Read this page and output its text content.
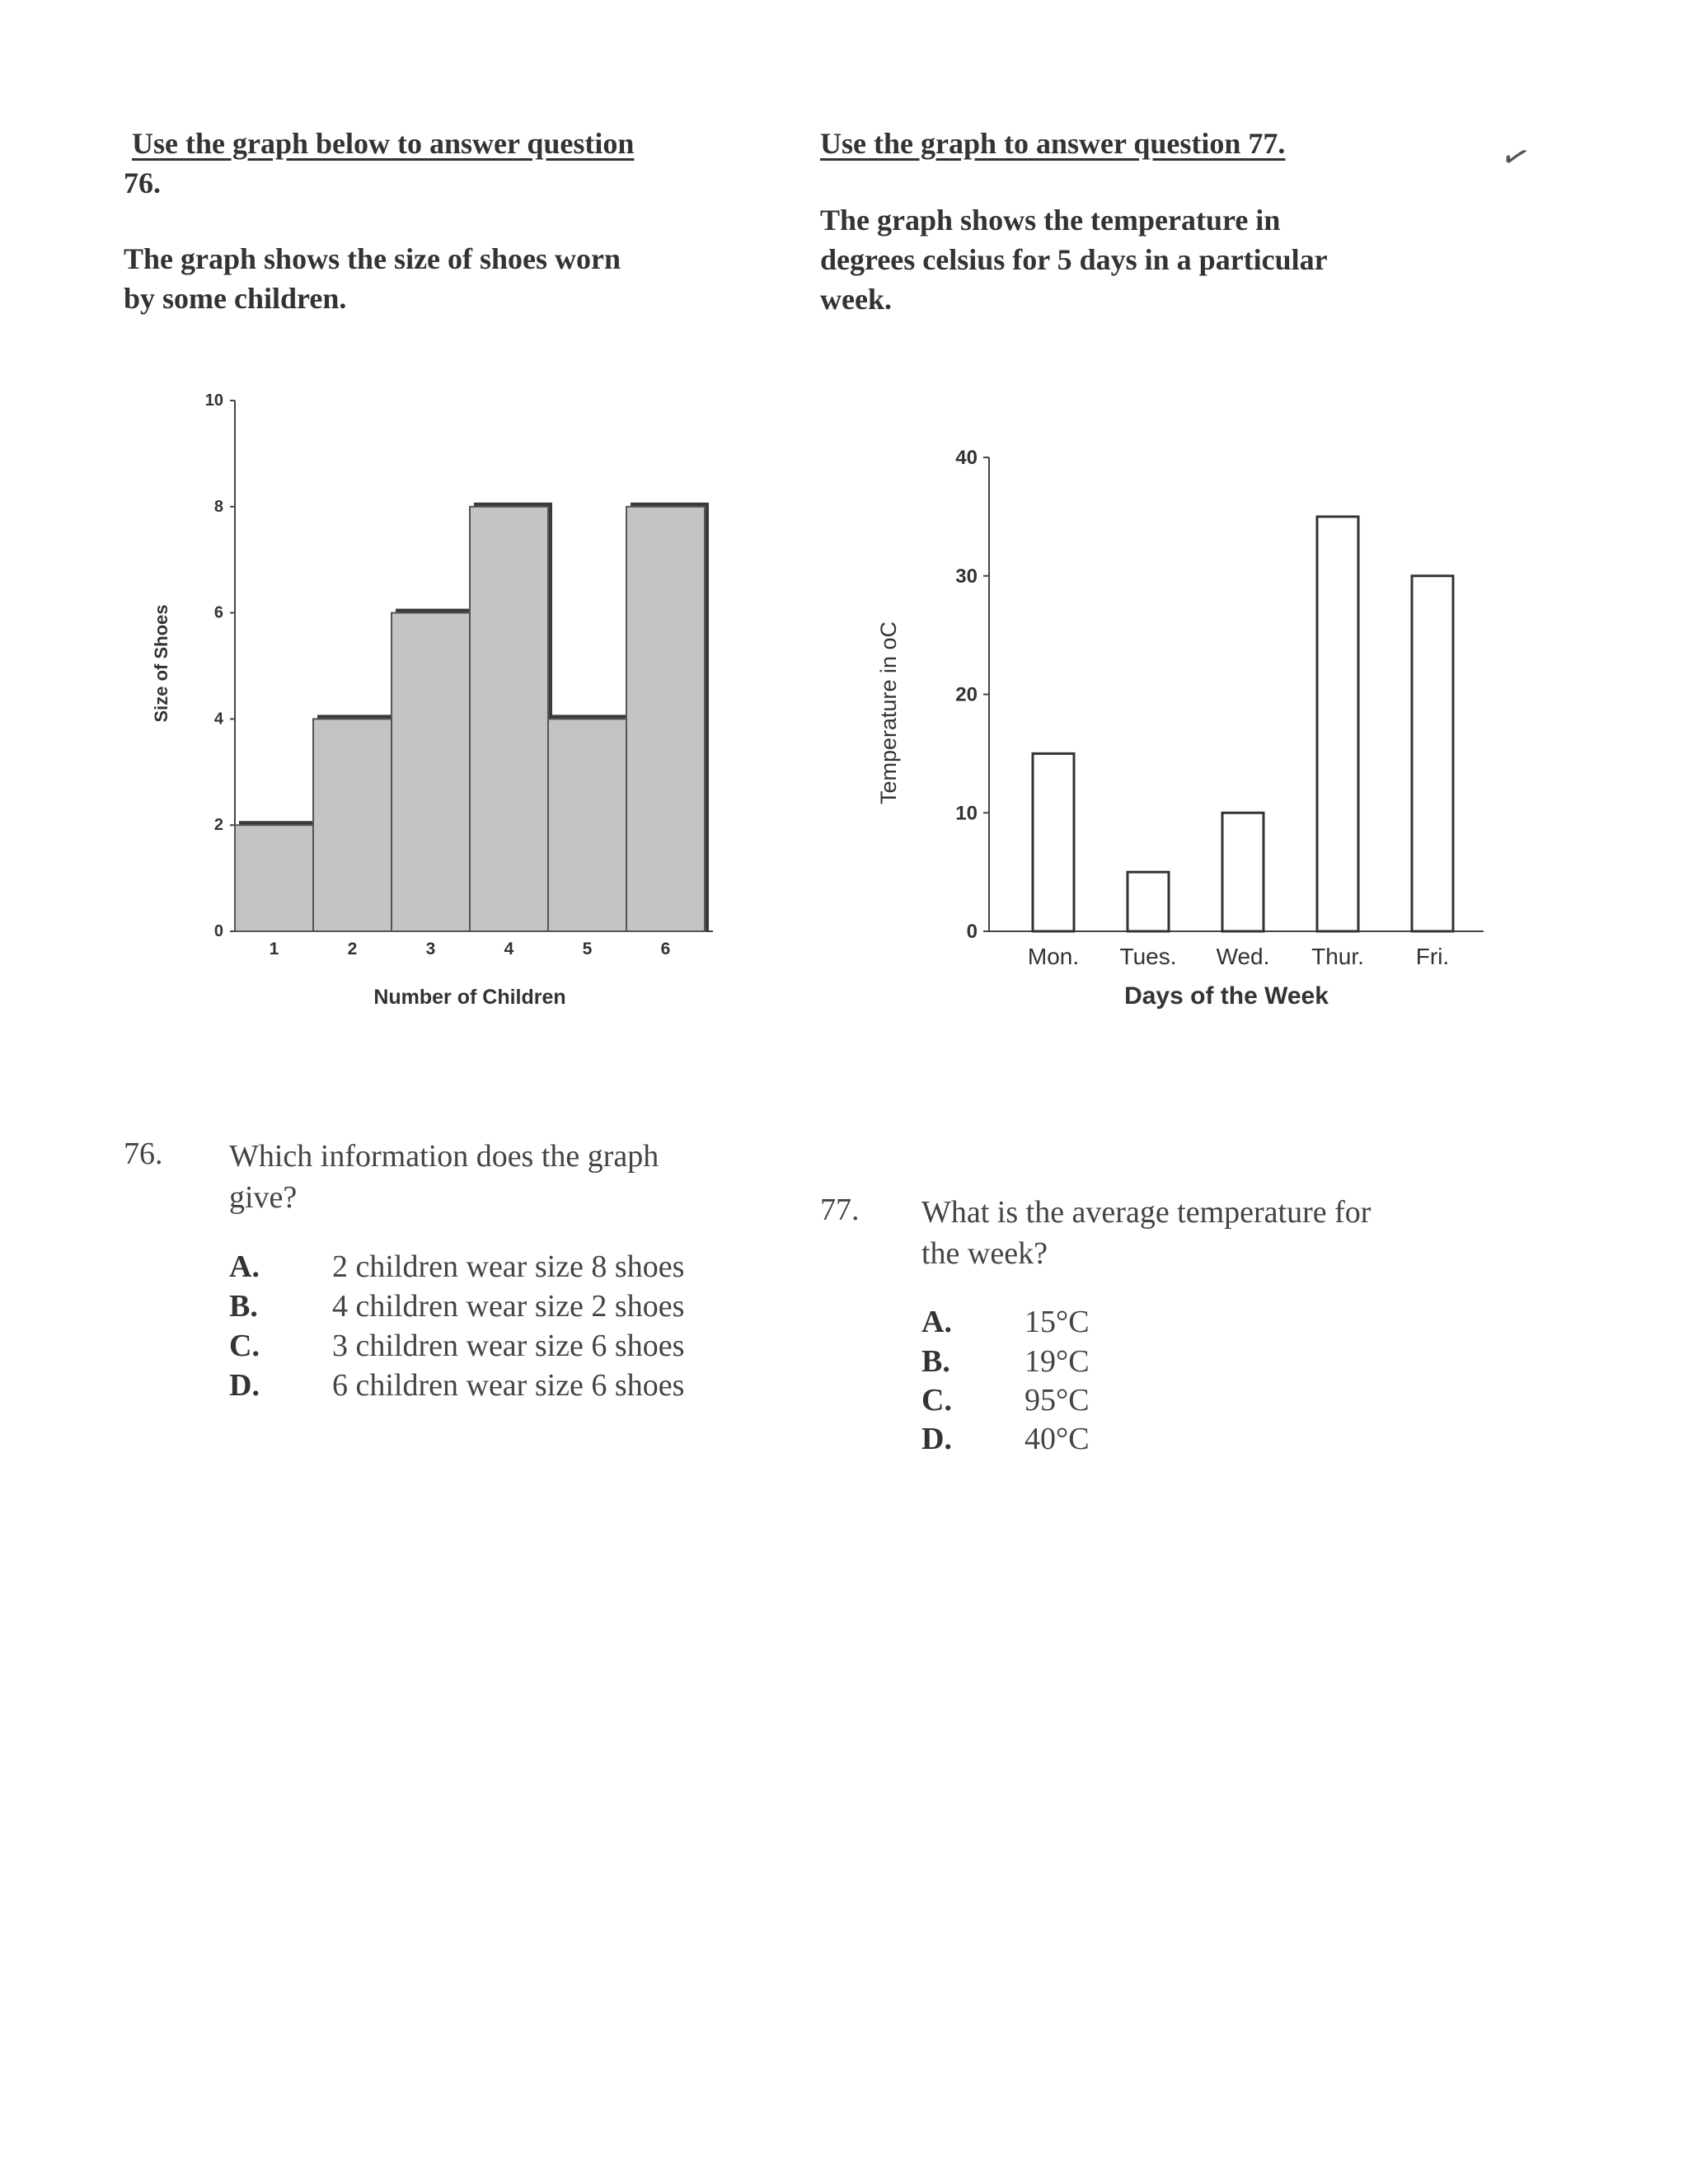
Use the graph below to answer question
76.
The graph shows the size of shoes worn
by some children.
0
2
4
6
8
10
1	2	3	4	5	6
Size of Shoes
Number of Children
76. Which information does the graph
give?
A.	2 children wear size 8 shoes
B.	4 children wear size 2 shoes
C.	3 children wear size 6 shoes
D.	6 children wear size 6 shoes
Use the graph to answer question 77.	✓
The graph shows the temperature in
degrees celsius for 5 days in a particular
week.
0
10
20
30
40
Mon. Tues. Wed. Thur. Fri.
Temperature in oC
Days of the Week
77. What is the average temperature for
the week?
A.	15°C
B.	19°C
C.	95°C
D.	40°C
